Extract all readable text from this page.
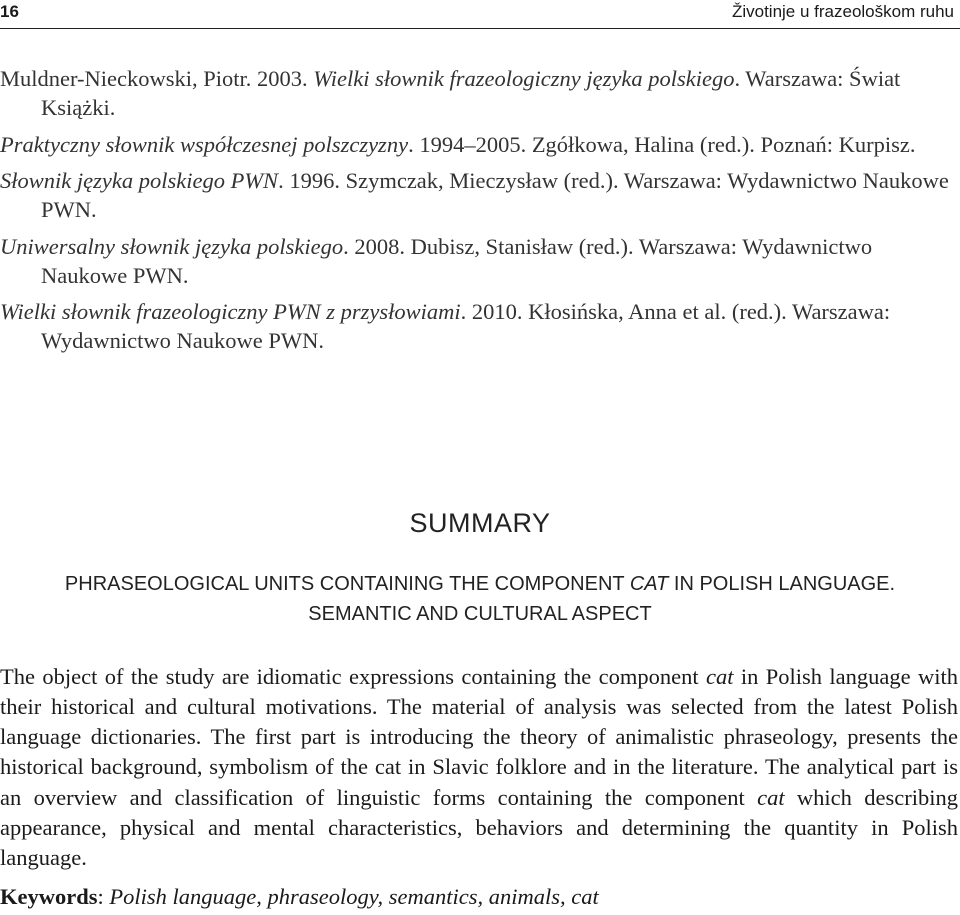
16	Životinje u frazeološkom ruhu

Muldner-Nieckowski, Piotr. 2003. Wielki słownik frazeologiczny języka polskiego. Warszawa: Świat Książki.

Praktyczny słownik współczesnej polszczyzny. 1994–2005. Zgółkowa, Halina (red.). Poznań: Kurpisz.

Słownik języka polskiego PWN. 1996. Szymczak, Mieczysław (red.). Warszawa: Wydawnictwo Naukowe PWN.

Uniwersalny słownik języka polskiego. 2008. Dubisz, Stanisław (red.). Warszawa: Wydawnictwo Naukowe PWN.

Wielki słownik frazeologiczny PWN z przysłowiami. 2010. Kłosińska, Anna et al. (red.). Warszawa: Wydawnictwo Naukowe PWN.

SUMMARY
PHRASEOLOGICAL UNITS CONTAINING THE COMPONENT CAT IN POLISH LANGUAGE. SEMANTIC AND CULTURAL ASPECT

The object of the study are idiomatic expressions containing the component cat in Polish language with their historical and cultural motivations. The material of analysis was selected from the latest Polish language dictionaries. The first part is introducing the theory of animalistic phraseology, presents the historical background, symbolism of the cat in Slavic folklore and in the literature. The analytical part is an overview and classification of linguistic forms containing the component cat which describing appearance, physical and mental characteristics, behaviors and determining the quantity in Polish language.

Keywords: Polish language, phraseology, semantics, animals, cat
